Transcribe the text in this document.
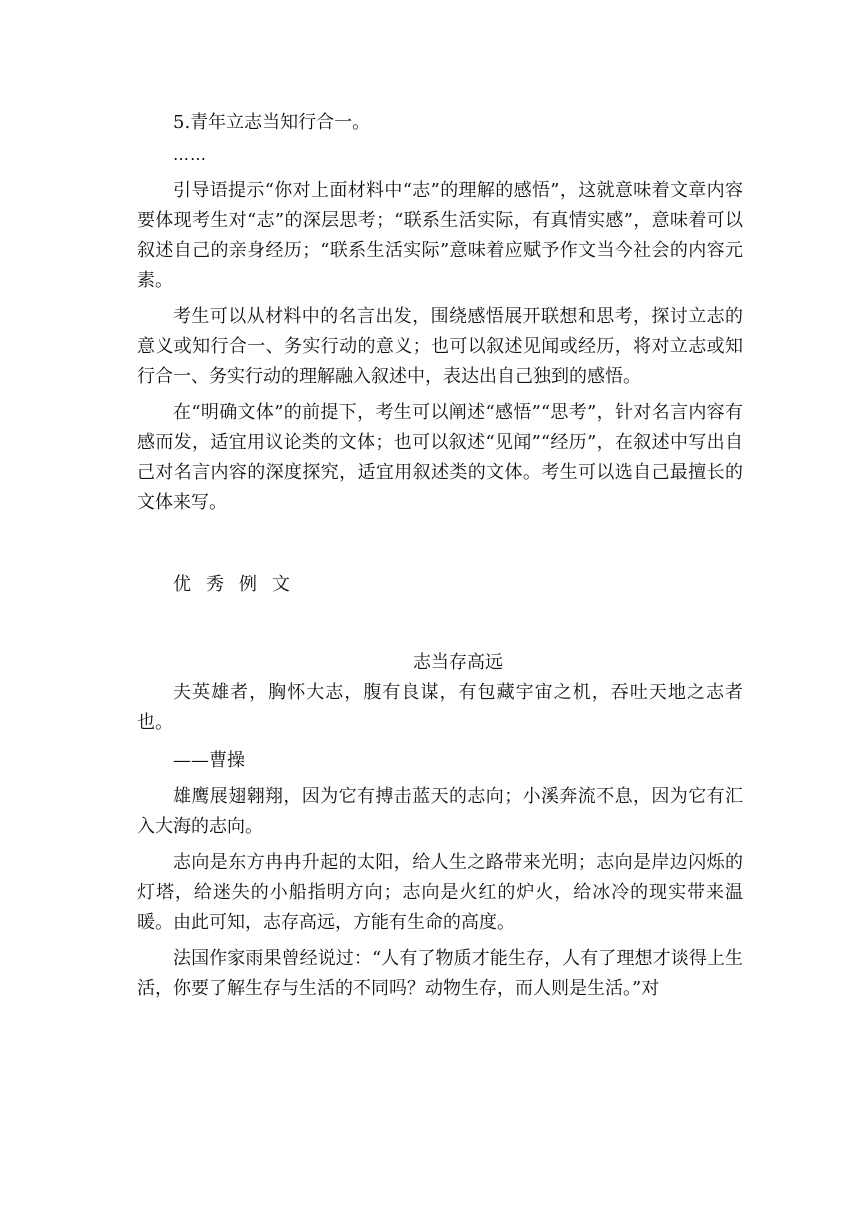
5.青年立志当知行合一。

……

引导语提示“你对上面材料中“志”的理解的感悟”，这就意味着文章内容要体现考生对“志”的深层思考；“联系生活实际，有真情实感”，意味着可以叙述自己的亲身经历；“联系生活实际”意味着应赋予作文当今社会的内容元素。

考生可以从材料中的名言出发，围绕感悟展开联想和思考，探讨立志的意义或知行合一、务实行动的意义；也可以叙述见闻或经历，将对立志或知行合一、务实行动的理解融入叙述中，表达出自己独到的感悟。

在“明确文体”的前提下，考生可以阐述“感悟”“思考”，针对名言内容有感而发，适宜用议论类的文体；也可以叙述“见闻”“经历”，在叙述中写出自己对名言内容的深度探究，适宜用叙述类的文体。考生可以选自己最擅长的文体来写。

优秀例文

志当存高远

夫英雄者，胸怀大志，腹有良谋，有包藏宇宙之机，吞吐天地之志者也。

——曹操

雄鹰展翅翱翔，因为它有搏击蓝天的志向；小溪奔流不息，因为它有汇入大海的志向。

志向是东方冉冉升起的太阳，给人生之路带来光明；志向是岸边闪烁的灯塔，给迷失的小船指明方向；志向是火红的炉火，给冰冷的现实带来温暖。由此可知，志存高远，方能有生命的高度。

法国作家雨果曾经说过：“人有了物质才能生存，人有了理想才谈得上生活，你要了解生存与生活的不同吗？动物生存，而人则是生活。”对
